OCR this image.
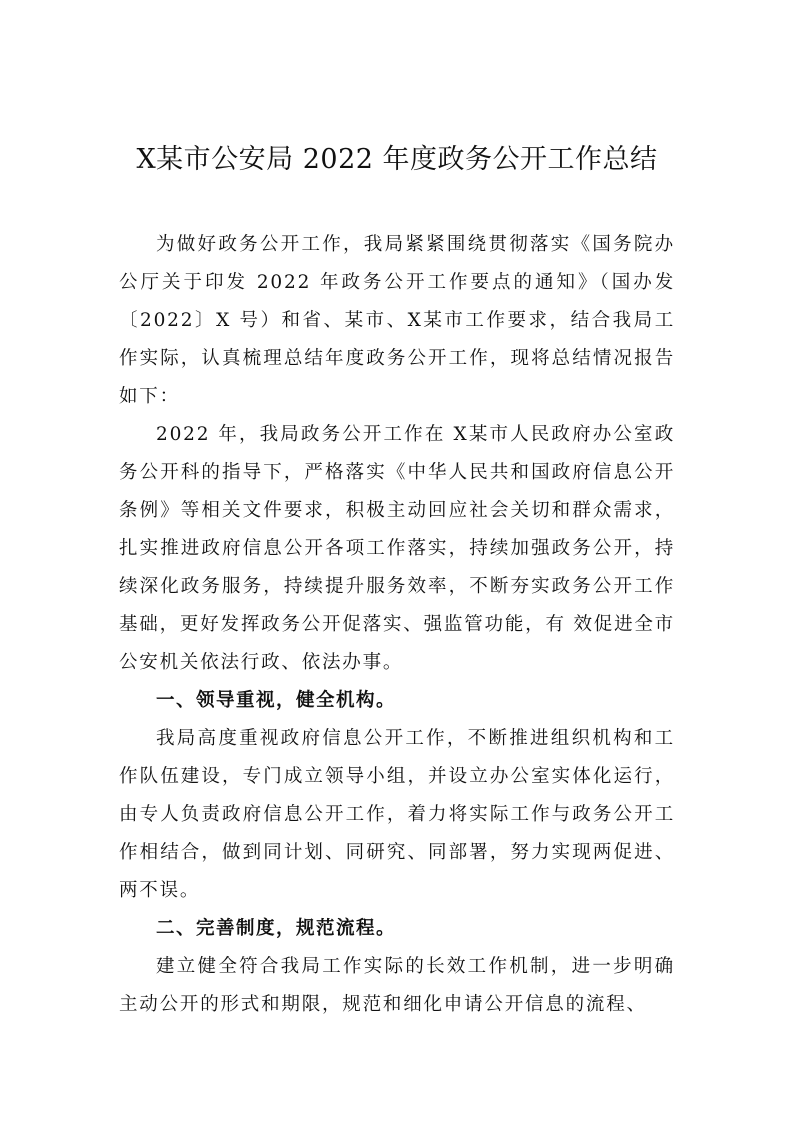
X某市公安局 2022 年度政务公开工作总结

为做好政务公开工作，我局紧紧围绕贯彻落实《国务院办公厅关于印发 2022 年政务公开工作要点的通知》（国办发〔2022〕X 号）和省、某市、X某市工作要求，结合我局工作实际，认真梳理总结年度政务公开工作，现将总结情况报告如下：

2022 年，我局政务公开工作在 X某市人民政府办公室政务公开科的指导下，严格落实《中华人民共和国政府信息公开条例》等相关文件要求，积极主动回应社会关切和群众需求，扎实推进政府信息公开各项工作落实，持续加强政务公开，持续深化政务服务，持续提升服务效率，不断夯实政务公开工作基础，更好发挥政务公开促落实、强监管功能，有 效促进全市公安机关依法行政、依法办事。

一、领导重视，健全机构。

我局高度重视政府信息公开工作，不断推进组织机构和工作队伍建设，专门成立领导小组，并设立办公室实体化运行，由专人负责政府信息公开工作，着力将实际工作与政务公开工作相结合，做到同计划、同研究、同部署，努力实现两促进、两不误。

二、完善制度，规范流程。

建立健全符合我局工作实际的长效工作机制，进一步明确主动公开的形式和期限，规范和细化申请公开信息的流程、
